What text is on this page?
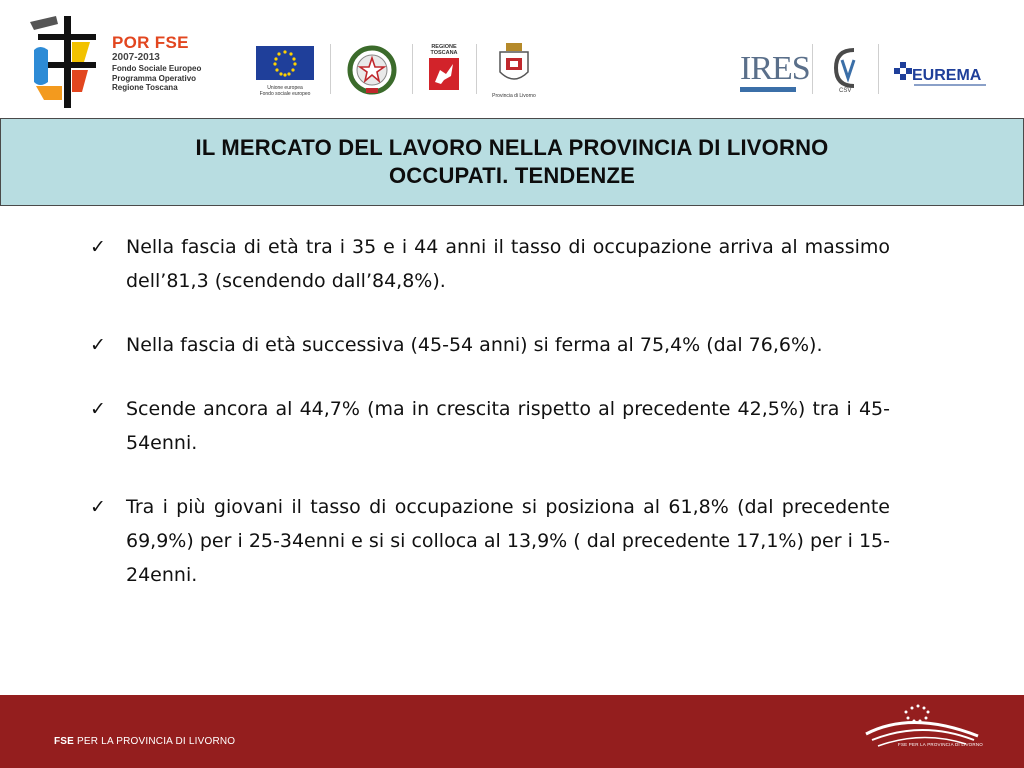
POR FSE
2007-2013
Fondo Sociale Europeo
Programma Operativo
Regione Toscana	Unione europea
Fondo sociale europeo
REGIONE
TOSCANA
Provincia di Livorno
IRES
CSV
EUREMA
IL MERCATO DEL LAVORO NELLA PROVINCIA DI LIVORNO
OCCUPATI. TENDENZE
✓	Nella fascia di età tra i 35 e i 44 anni il tasso di occupazione arriva al massimo dell’81,3 (scendendo dall’84,8%).
✓	Nella fascia di età successiva (45-54 anni) si ferma al 75,4% (dal 76,6%).
✓	Scende ancora al 44,7% (ma in crescita rispetto al precedente 42,5%) tra i 45-54enni.
✓	Tra i più giovani il tasso di occupazione si posiziona al 61,8% (dal precedente 69,9%) per i 25-34enni e si si colloca al 13,9% ( dal precedente 17,1%) per i 15-24enni.
FSE PER LA PROVINCIA DI LIVORNO	FSE PER LA PROVINCIA DI LIVORNO
